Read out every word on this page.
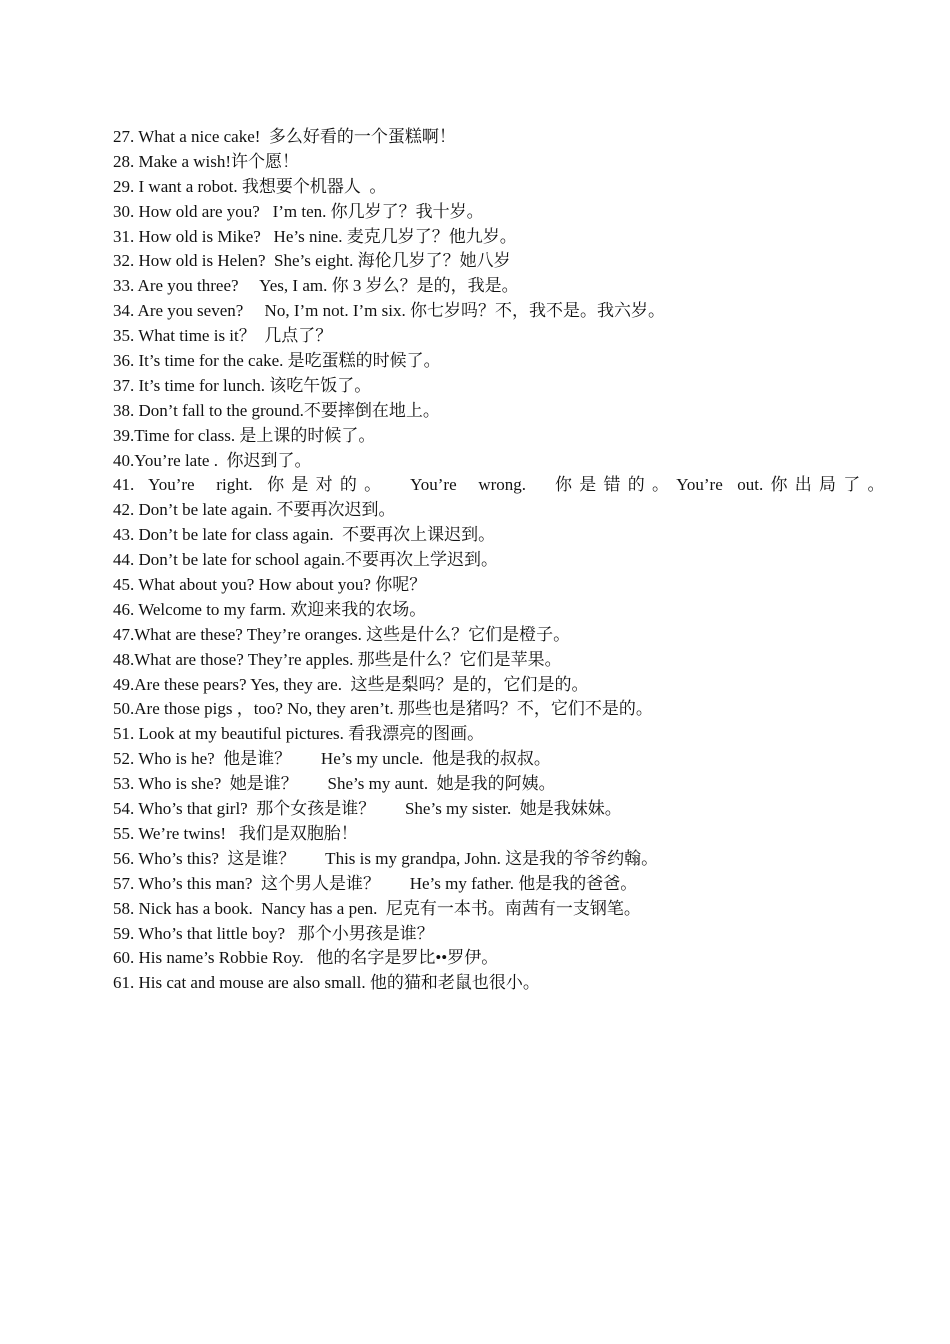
27. What a nice cake!  多么好看的一个蛋糕啊！
28. Make a wish!许个愿！
29. I want a robot. 我想要个机器人  。
30. How old are you?   I’m ten. 你几岁了？我十岁。
31. How old is Mike?   He’s nine. 麦克几岁了？他九岁。
32. How old is Helen?  She’s eight. 海伦几岁了？她八岁
33. Are you three?     Yes, I am. 你 3 岁么？是的，我是。
34. Are you seven?     No, I’m not. I’m six. 你七岁吗？不，我不是。我六岁。
35. What time is it？  几点了？
36. It’s time for the cake. 是吃蛋糕的时候了。
37. It’s time for lunch. 该吃午饭了。
38. Don’t fall to the ground.不要摔倒在地上。
39.Time for class. 是上课的时候了。
40.You’re late .  你迟到了。
41.  You’re   right.  你 是 对 的 。    You’re   wrong.    你 是 错 的 。 You’re  out. 你 出 局 了 。
42. Don’t be late again. 不要再次迟到。
43. Don’t be late for class again.  不要再次上课迟到。
44. Don’t be late for school again.不要再次上学迟到。
45. What about you? How about you? 你呢？
46. Welcome to my farm. 欢迎来我的农场。
47.What are these? They’re oranges. 这些是什么？它们是橙子。
48.What are those? They’re apples. 那些是什么？它们是苹果。
49.Are these pears? Yes, they are.  这些是梨吗？是的，它们是的。
50.Are those pigs ，too? No, they aren’t. 那些也是猪吗？不，它们不是的。
51. Look at my beautiful pictures. 看我漂亮的图画。
52. Who is he?  他是谁？       He’s my uncle.  他是我的叔叔。
53. Who is she?  她是谁？       She’s my aunt.  她是我的阿姨。
54. Who’s that girl?  那个女孩是谁？       She’s my sister.  她是我妹妹。
55. We’re twins!   我们是双胞胎！
56. Who’s this?  这是谁？       This is my grandpa, John. 这是我的爷爷约翰。
57. Who’s this man?  这个男人是谁？       He’s my father. 他是我的爸爸。
58. Nick has a book.  Nancy has a pen.  尼克有一本书。南茜有一支钢笔。
59. Who’s that little boy?   那个小男孩是谁？
60. His name’s Robbie Roy.   他的名字是罗比••罗伊。
61. His cat and mouse are also small. 他的猫和老鼠也很小。
